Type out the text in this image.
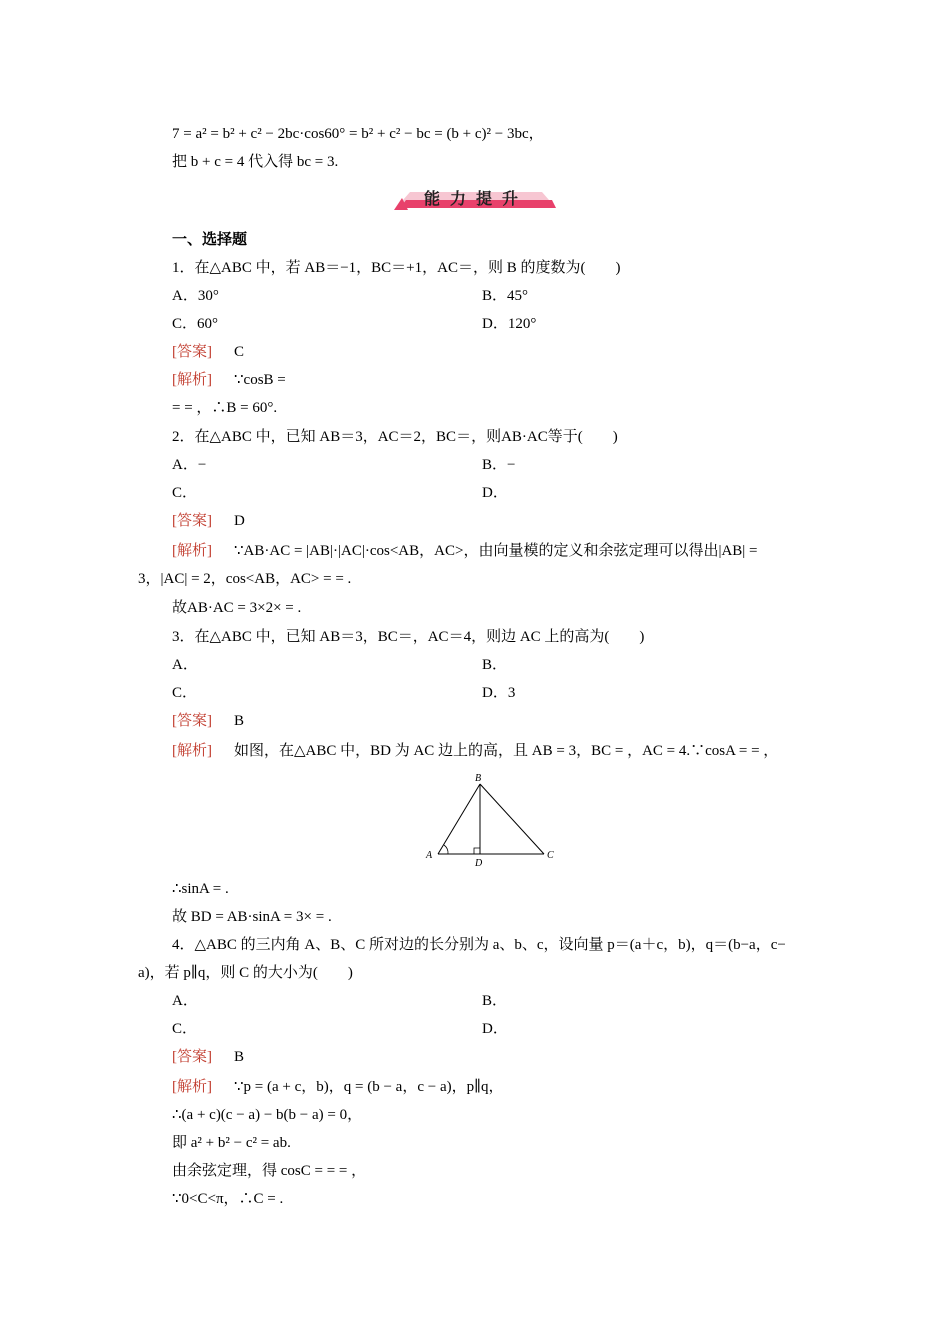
7 = a² = b² + c² − 2bc·cos60° = b² + c² − bc = (b + c)² − 3bc，
把 b + c = 4 代入得 bc = 3.
能力提升
一、选择题
1．在△ABC 中，若 AB＝−1，BC＝+1，AC＝，则 B 的度数为(　　)
A．30°	B．45°
C．60°	D．120°
[答案] C
[解析] ∵cosB =
= = ，∴B = 60°.
2．在△ABC 中，已知 AB＝3，AC＝2，BC＝，则AB·AC等于(　　)
A．−	B．−
C．	D．
[答案] D
[解析] ∵AB·AC = |AB|·|AC|·cos<AB，AC>，由向量模的定义和余弦定理可以得出|AB| =
3，|AC| = 2，cos<AB，AC> = = .
故AB·AC = 3×2× = .
3．在△ABC 中，已知 AB＝3，BC＝，AC＝4，则边 AC 上的高为(　　)
A．	B．
C．	D．3
[答案] B
[解析] 如图，在△ABC 中，BD 为 AC 边上的高，且 AB = 3，BC = ，AC = 4.∵cosA = = ，
A
B
C
D
∴sinA = .
故 BD = AB·sinA = 3× = .
4．△ABC 的三内角 A、B、C 所对边的长分别为 a、b、c，设向量 p＝(a＋c，b)，q＝(b−a，c−
a)，若 p∥q，则 C 的大小为(　　)
A．	B．
C．	D．
[答案] B
[解析] ∵p = (a + c，b)，q = (b − a，c − a)，p∥q，
∴(a + c)(c − a) − b(b − a) = 0，
即 a² + b² − c² = ab.
由余弦定理，得 cosC = = = ，
∵0<C<π，∴C = .
